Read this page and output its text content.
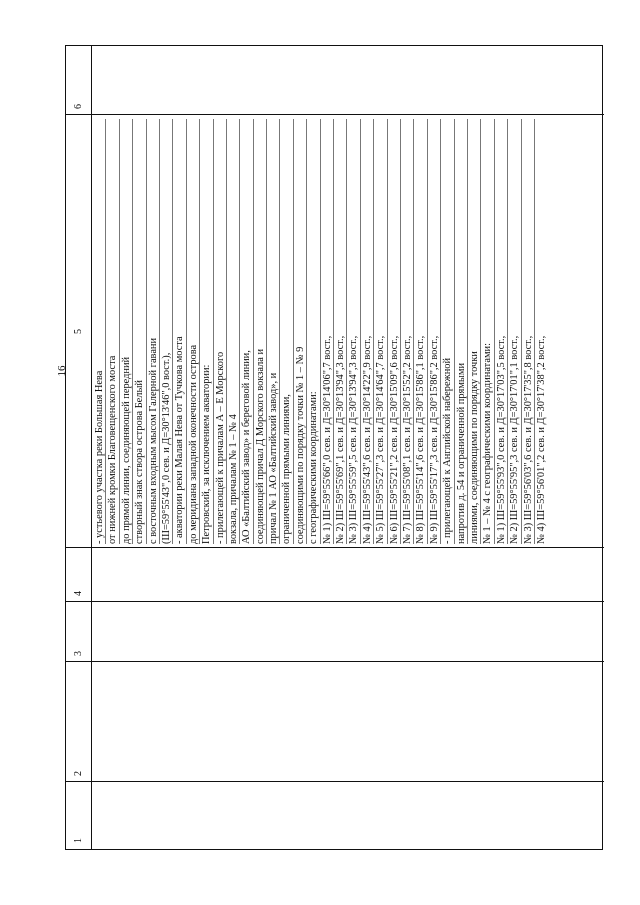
16
1
2
3
4
5
6
- устьевого участка реки Большая Нева от нижней кромки Благовещенского моста до прямой линии, соединяющей передний створный знак створа острова Белый с восточным входным мысом Галерной гавани (Ш=59°55'43",0 сев. и Д=30°13'46",0 вост.), - акватории реки Малая Нева от Тучкова моста до меридиана западной оконечности острова Петровский, за исключением акватории: - прилегающей к причалам А – Е Морского вокзала, причалам № 1 – № 4 АО «Балтийский завод» и береговой линии, соединяющей причал Д Морского вокзала и причал № 1 АО «Балтийский завод», и ограниченной прямыми линиями, соединяющими по порядку точки № 1 – № 9 с географическими координатами: № 1) Ш=59°55'66",0 сев. и Д=30°14'06",7 вост., № 2) Ш=59°55'69",1 сев. и Д=30°13'94",3 вост., № 3) Ш=59°55'59",5 сев. и Д=30°13'94",3 вост., № 4) Ш=59°55'43",6 сев. и Д=30°14'22",9 вост., № 5) Ш=59°55'27",3 сев. и Д=30°14'64",7 вост., № 6) Ш=59°55'21",2 сев. и Д=30°15'09",6 вост., № 7) Ш=59°55'08",1 сев. и Д=30°15'52",2 вост., № 8) Ш=59°55'14",6 сев. и Д=30°15'86",1 вост., № 9) Ш=59°55'17",3 сев. и Д=30°15'86",2 вост., - прилегающей к Английской набережной напротив д. 54 и ограниченной прямыми линиями, соединяющими по порядку точки № 1 – № 4 с географическими координатами: № 1) Ш=59°55'93",0 сев. и Д=30°17'03",5 вост., № 2) Ш=59°55'95",3 сев. и Д=30°17'01",1 вост., № 3) Ш=59°56'03",6 сев. и Д=30°17'35",8 вост., № 4) Ш=59°56'01",2 сев. и Д=30°17'38",2 вост.,
